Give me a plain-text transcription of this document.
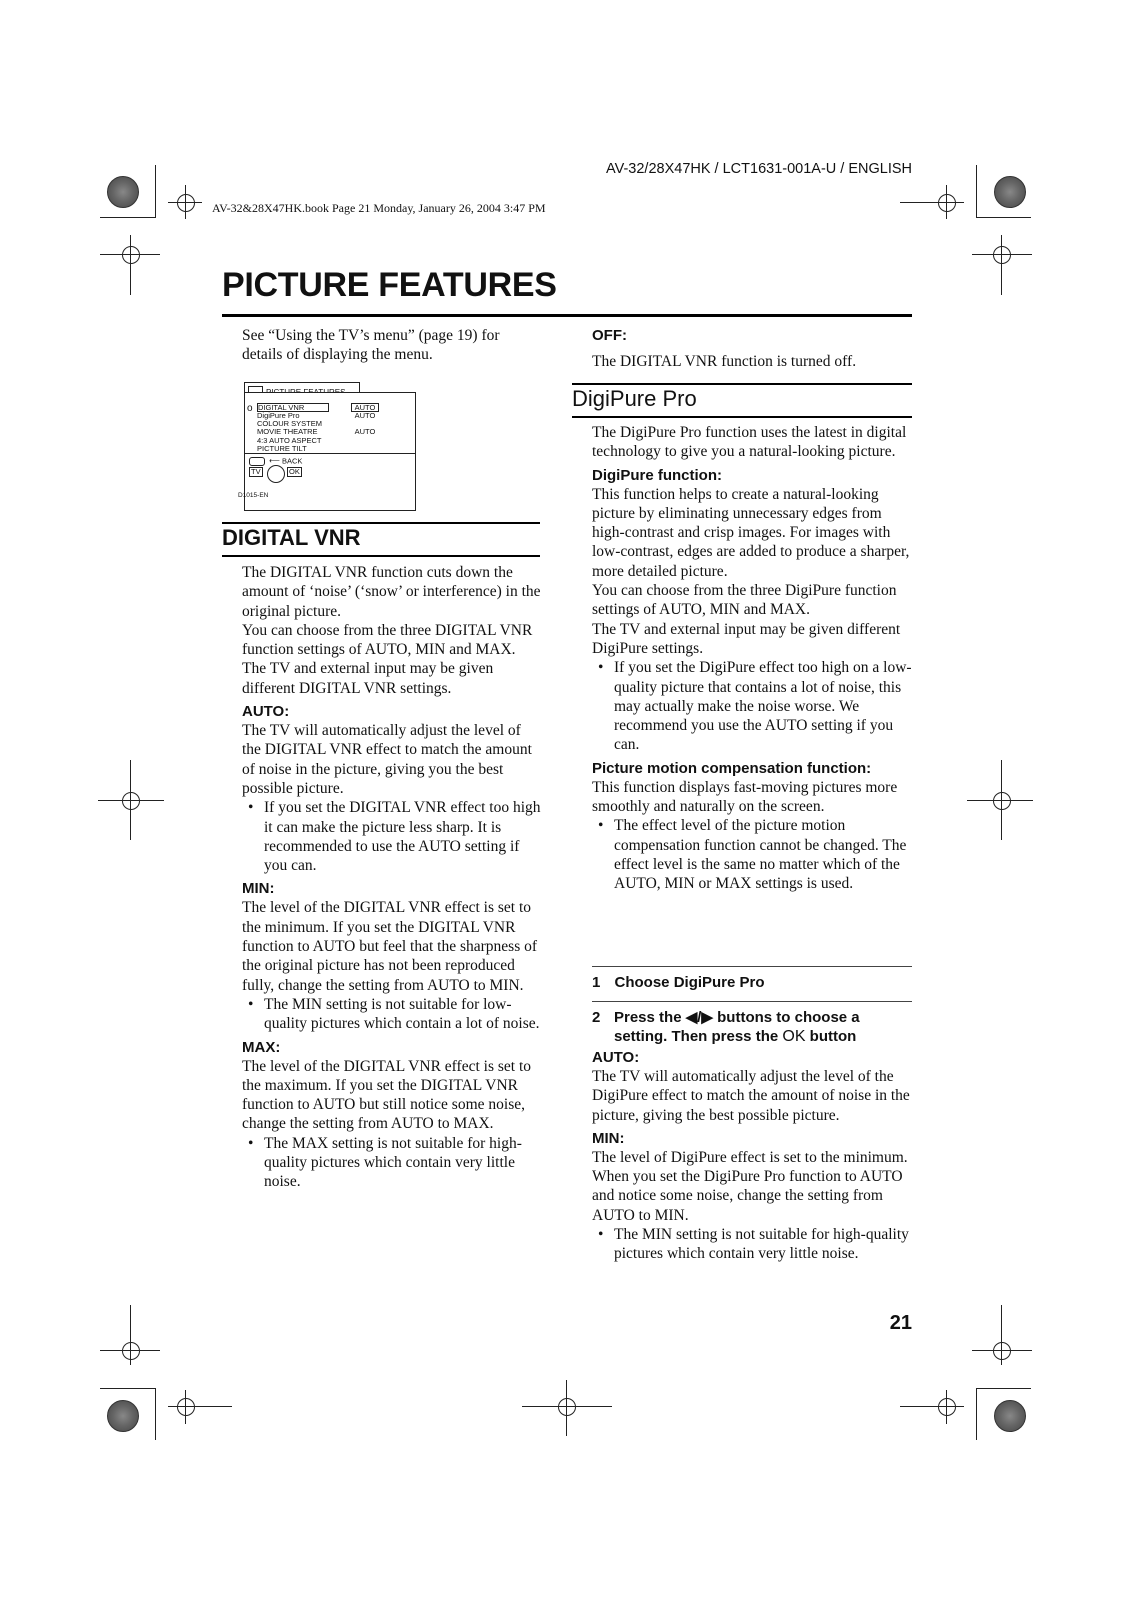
AV-32/28X47HK / LCT1631-001A-U / ENGLISH
AV-32&28X47HK.book Page 21 Monday, January 26, 2004 3:47 PM
PICTURE FEATURES
See “Using the TV’s menu” (page 19) for details of displaying the menu.
o DIGITAL VNR
DigiPure Pro
COLOUR SYSTEM
MOVIE THEATRE
4:3 AUTO ASPECT
PICTURE TILT
AUTO
AUTO
AUTO
⟵ BACK
TV	OK
D1015-EN
DIGITAL VNR

The DIGITAL VNR function cuts down the amount of ‘noise’ (‘snow’ or interference) in the original picture.

You can choose from the three DIGITAL VNR function settings of AUTO, MIN and MAX.

The TV and external input may be given different DIGITAL VNR settings.

AUTO:

The TV will automatically adjust the level of the DIGITAL VNR effect to match the amount of noise in the picture, giving you the best possible picture.

• If you set the DIGITAL VNR effect too high it can make the picture less sharp. It is recommended to use the AUTO setting if you can.

MIN:

The level of the DIGITAL VNR effect is set to the minimum. If you set the DIGITAL VNR function to AUTO but feel that the sharpness of the original picture has not been reproduced fully, change the setting from AUTO to MIN.

• The MIN setting is not suitable for low-quality pictures which contain a lot of noise.

MAX:

The level of the DIGITAL VNR effect is set to the maximum. If you set the DIGITAL VNR function to AUTO but still notice some noise, change the setting from AUTO to MAX.

• The MAX setting is not suitable for high-quality pictures which contain very little noise.

OFF:

The DIGITAL VNR function is turned off.

DigiPure Pro

The DigiPure Pro function uses the latest in digital technology to give you a natural-looking picture.

DigiPure function:

This function helps to create a natural-looking picture by eliminating unnecessary edges from high-contrast and crisp images. For images with low-contrast, edges are added to produce a sharper, more detailed picture.

You can choose from the three DigiPure function settings of AUTO, MIN and MAX.

The TV and external input may be given different DigiPure settings.

• If you set the DigiPure effect too high on a low-quality picture that contains a lot of noise, this may actually make the noise worse. We recommend you use the AUTO setting if you can.

Picture motion compensation function:

This function displays fast-moving pictures more smoothly and naturally on the screen.

• The effect level of the picture motion compensation function cannot be changed. The effect level is the same no matter which of the AUTO, MIN or MAX settings is used.

1 Choose DigiPure Pro
2 Press the ◀/▶ buttons to choose a setting. Then press the OK button
AUTO:

The TV will automatically adjust the level of the DigiPure effect to match the amount of noise in the picture, giving the best possible picture.

MIN:

The level of DigiPure effect is set to the minimum. When you set the DigiPure Pro function to AUTO and notice some noise, change the setting from AUTO to MIN.

• The MIN setting is not suitable for high-quality pictures which contain very little noise.

21
